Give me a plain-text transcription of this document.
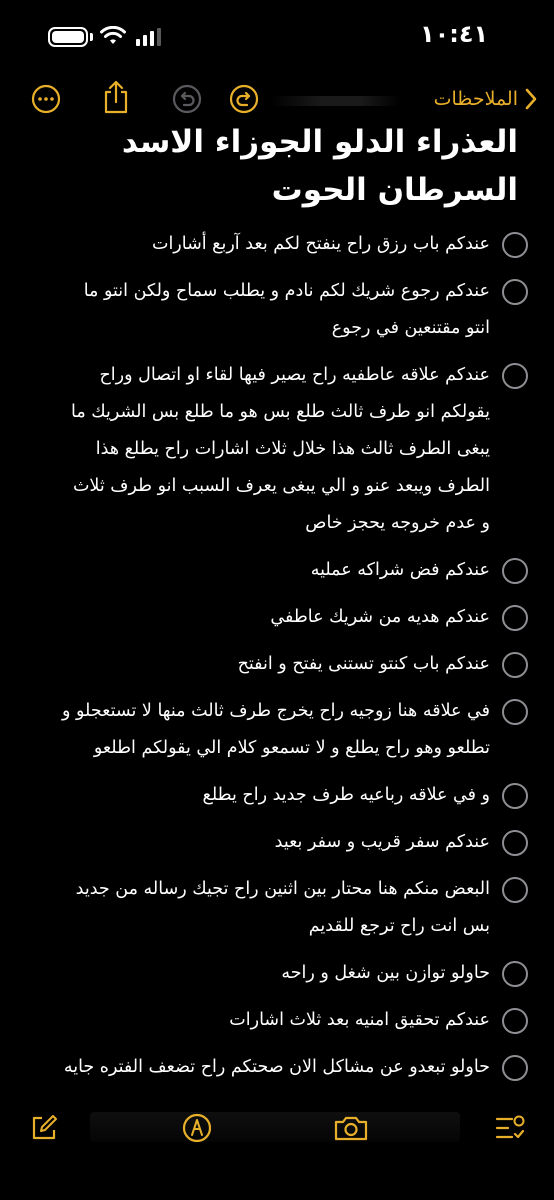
١٠:٤١
الملاحظات
العذراء الدلو الجوزاء الاسد السرطان الحوت
عندكم باب رزق راح ينفتح لكم بعد آربع أشارات
عندكم رجوع شريك لكم نادم و يطلب سماح ولكن انتو ما انتو مقتنعين في رجوع
عندكم علاقه عاطفيه راح يصير فيها لقاء او اتصال وراح يقولكم انو طرف ثالث طلع بس هو ما طلع بس الشريك ما يبغى الطرف ثالث هذا خلال ثلاث اشارات راح يطلع هذا الطرف ويبعد عنو و الي يبغى يعرف السبب انو طرف ثلاث و عدم خروجه يحجز خاص
عندكم فض شراكه عمليه
عندكم هديه من شريك عاطفي
عندكم باب كنتو تستنى يفتح و انفتح
في علاقه هنا زوجيه راح يخرج طرف ثالث منها لا تستعجلو و تطلعو وهو راح يطلع و لا تسمعو كلام الي يقولكم اطلعو
و في علاقه رباعيه طرف جديد راح يطلع
عندكم سفر قريب و سفر بعيد
البعض منكم هنا محتار بين اثنين راح تجيك رساله من جديد بس انت راح ترجع للقديم
حاولو توازن بين شغل و راحه
عندكم تحقيق امنيه بعد ثلاث اشارات
حاولو تبعدو عن مشاكل الان صحتكم راح تضعف الفتره جايه
